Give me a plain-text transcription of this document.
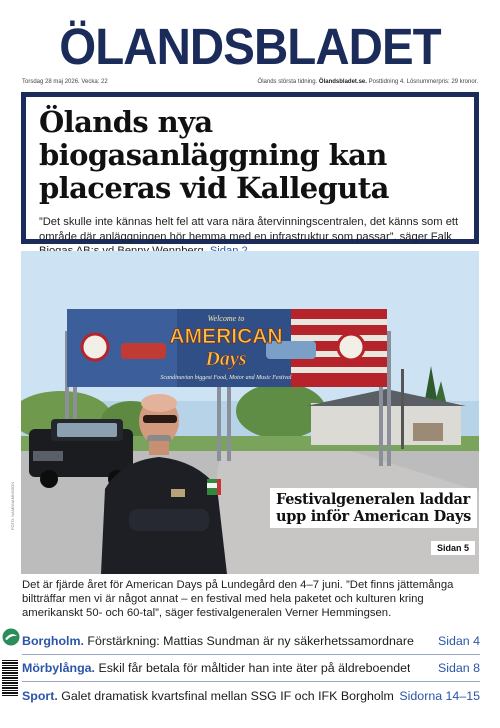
ÖLANDSBLADET
Torsdag 28 maj 2026. Vecka: 22	Ölands största tidning. Ölandsbladet.se. Posttidning 4. Lösnummerpris: 29 kronor.
Ölands nya biogasanläggning kan placeras vid Kalleguta

”Det skulle inte kännas helt fel att vara nära återvinningscentralen, det känns som ett område där anläggningen hör hemma med en infrastruktur som passar”, säger Falk

Welcome to
AMERICAN
Days
Scandinavian biggest Food, Motor and Music Festival
Festivalgeneralen laddar
upp inför American Days
Sidan 5
FOTO: NAMNNAMNSSON

Det är fjärde året för American Days på Lundegård den 4–7 juni. ”Det finns jättemånga biltträffar men vi är något annat – en festival med hela paketet och kulturen kring amerikanskt 50- och 60-tal”, säger festivalgeneralen Verner Hemmingsen.

Borgholm. Förstärkning: Mattias Sundman är ny säkerhetssamordnare Sidan 4
Mörbylånga. Eskil får betala för måltider han inte äter på äldreboendet Sidan 8
Sport. Galet dramatisk kvartsfinal mellan SSG IF och IFK Borgholm Sidorna 14–15
